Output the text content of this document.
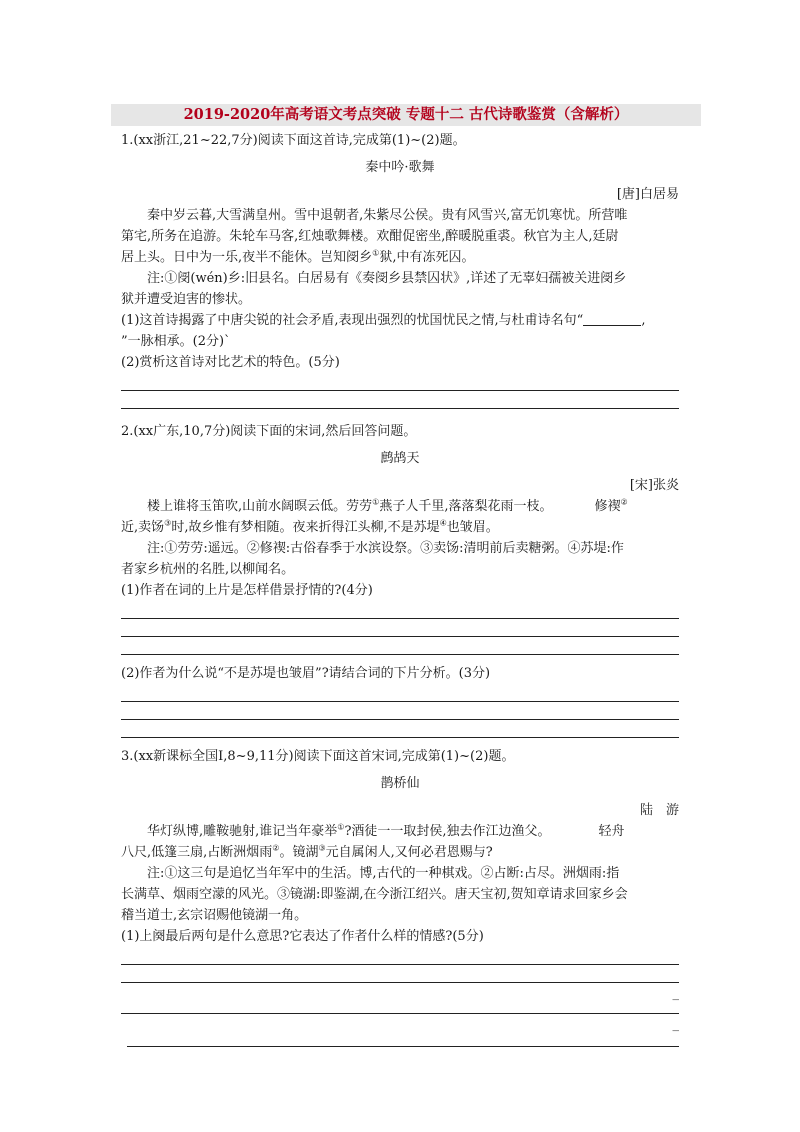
2019-2020年高考语文考点突破 专题十二 古代诗歌鉴赏（含解析）
1.(xx浙江,21~22,7分)阅读下面这首诗,完成第(1)~(2)题。
秦中吟·歌舞
[唐]白居易
秦中岁云暮,大雪满皇州。雪中退朝者,朱紫尽公侯。贵有风雪兴,富无饥寒忧。所营唯
第宅,所务在追游。朱轮车马客,红烛歌舞楼。欢酣促密坐,醉暖脱重裘。秋官为主人,廷尉
居上头。日中为一乐,夜半不能休。岂知阌乡①狱,中有冻死囚。
注:①阌(wén)乡:旧县名。白居易有《奏阌乡县禁囚状》,详述了无辜妇孺被关进阌乡
狱并遭受迫害的惨状。
(1)这首诗揭露了中唐尖锐的社会矛盾,表现出强烈的忧国忧民之情,与杜甫诗名句“	,
”一脉相承。(2分)`
(2)赏析这首诗对比艺术的特色。(5分)
2.(xx广东,10,7分)阅读下面的宋词,然后回答问题。
鹧鸪天
[宋]张炎
楼上谁将玉笛吹,山前水阔暝云低。劳劳①燕子人千里,落落梨花雨一枝。	修禊②
近,卖饧③时,故乡惟有梦相随。夜来折得江头柳,不是苏堤④也皱眉。
注:①劳劳:遥远。②修禊:古俗春季于水滨设祭。③卖饧:清明前后卖糖粥。④苏堤:作
者家乡杭州的名胜,以柳闻名。
(1)作者在词的上片是怎样借景抒情的?(4分)
(2)作者为什么说“不是苏堤也皱眉”?请结合词的下片分析。(3分)
3.(xx新课标全国Ⅰ,8~9,11分)阅读下面这首宋词,完成第(1)~(2)题。
鹊桥仙
陆　游
华灯纵博,雕鞍驰射,谁记当年豪举①?酒徒一一取封侯,独去作江边渔父。	轻舟
八尺,低篷三扇,占断洲烟雨②。镜湖③元自属闲人,又何必君恩赐与?
注:①这三句是追忆当年军中的生活。博,古代的一种棋戏。②占断:占尽。洲烟雨:指
长满草、烟雨空濛的风光。③镜湖:即鉴湖,在今浙江绍兴。唐天宝初,贺知章请求回家乡会
稽当道士,玄宗诏赐他镜湖一角。
(1)上阕最后两句是什么意思?它表达了作者什么样的情感?(5分)
_
_
